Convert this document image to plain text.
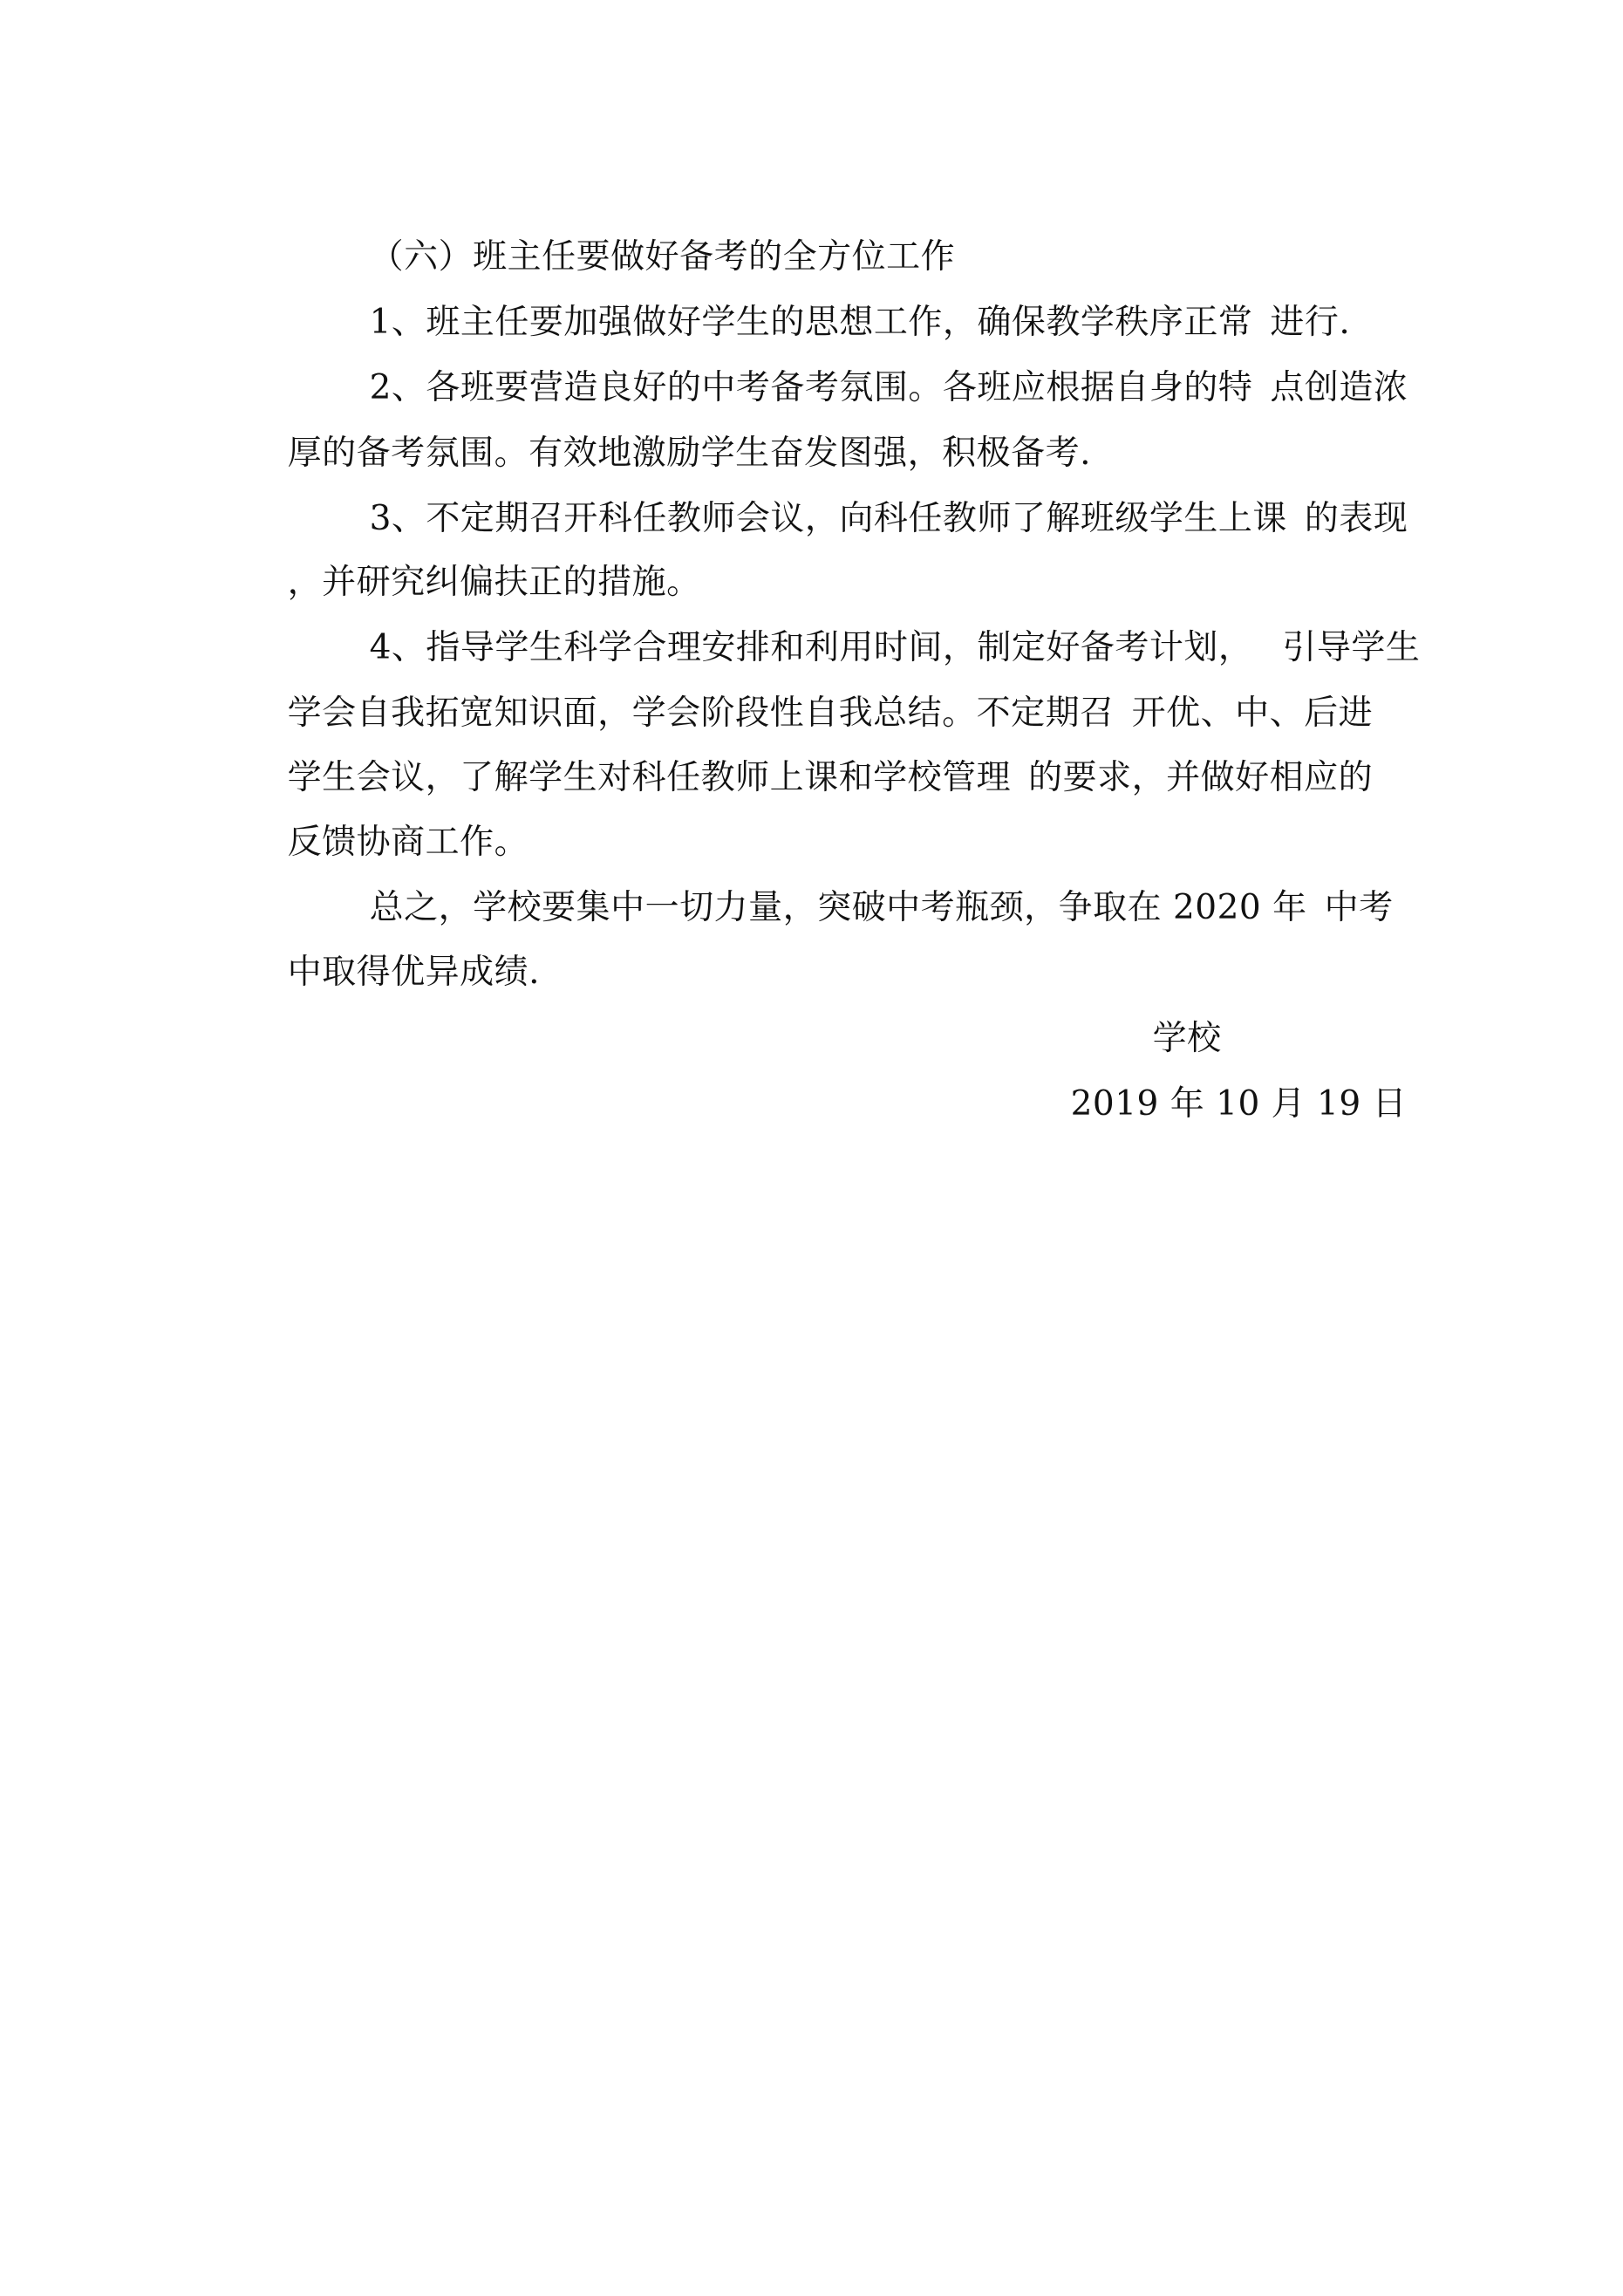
（六）班主任要做好备考的全方位工作

1、班主任要加强做好学生的思想工作，确保教学秩序正常 进行.

2、各班要营造良好的中考备考氛围。各班应根据自身的特 点创造浓

厚的备考氛围。有效地激励学生奋发图强，积极备考.

3、不定期召开科任教师会议，向科任教师了解班级学生上课 的表现

，并研究纠偏扶正的措施。

4、指导学生科学合理安排和利用时间，制定好备考计划， 引导学生

学会自我拓宽知识面，学会阶段性自我总结。不定期召 开优、中、后进

学生会议，了解学生对科任教师上课和学校管理 的要求，并做好相应的

反馈协商工作。

总之，学校要集中一切力量，突破中考瓶颈，争取在 2020 年 中考

中取得优异成绩.

学校

2019 年 10 月 19 日
